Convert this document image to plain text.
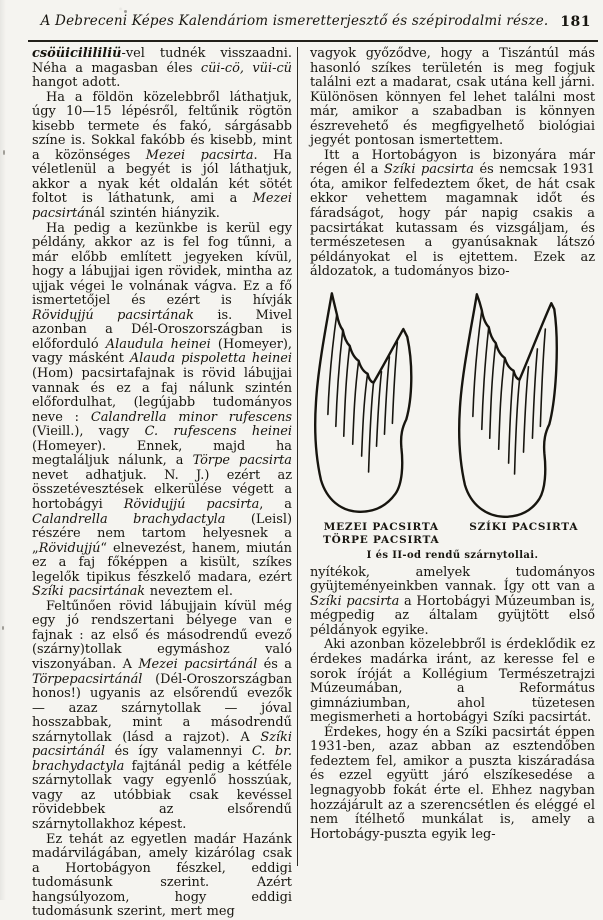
A Debreceni Képes Kalendáriom ismeretterjesztő és szépirodalmi része. 181

csöüicilililiü-vel tudnék visszaadni. Néha a magasban éles cüi-cö, vüi-cü hangot adott.

Ha a földön közelebbről láthatjuk, úgy 10—15 lépésről, feltűnik rögtön kisebb termete és fakó, sárgásabb színe is. Sokkal fakóbb és kisebb, mint a közönséges Mezei pacsirta. Ha véletlenül a begyét is jól láthatjuk, akkor a nyak két oldalán két sötét foltot is láthatunk, ami a Mezei pacsirtánál szintén hiányzik.

Ha pedig a kezünkbe is kerül egy példány, akkor az is fel fog tűnni, a már előbb említett jegyeken kívül, hogy a lábujjai igen rövidek, mintha az ujjak végei le volnának vágva. Ez a fő ismertetőjel és ezért is hívják Rövidujjú pacsirtának is. Mivel azonban a Dél-Oroszországban is előforduló Alaudula heinei (Homeyer), vagy másként Alauda pispoletta heinei (Hom) pacsirtafajnak is rövid lábujjai vannak és ez a faj nálunk szintén előfordulhat, (legújabb tudományos neve : Calandrella minor rufescens (Vieill.), vagy C. rufescens heinei (Homeyer). Ennek, majd ha megtaláljuk nálunk, a Törpe pacsirta nevet adhatjuk. N. J.) ezért az összetévesztések elkerülése végett a hortobágyi Rövidujjú pacsirta, a Calandrella brachydactyla (Leisl) részére nem tartom helyesnek a „Rövidujjú“ elnevezést, hanem, miután ez a faj főképpen a kisült, szíkes legelők tipikus fészkelő madara, ezért Szíki pacsirtának neveztem el.

Feltűnően rövid lábujjain kívül még egy jó rendszertani bélyege van e fajnak : az első és másodrendű evező (szárny)tollak egymáshoz való viszonyában. A Mezei pacsirtánál és a Törpepacsirtánál (Dél-Oroszországban honos!) ugyanis az elsőrendű evezők — azaz szárnytollak — jóval hosszabbak, mint a másodrendű szárnytollak (lásd a rajzot). A Szíki pacsirtánál és így valamennyi C. br. brachydactyla fajtánál pedig a kétféle szárnytollak vagy egyenlő hosszúak, vagy az utóbbiak csak kevéssel rövidebbek az elsőrendű szárnytollakhoz képest.

Ez tehát az egyetlen madár Hazánk madárvilágában, amely kizárólag csak a Hortobágyon fészkel, eddigi tudomásunk szerint. Azért hangsúlyozom, hogy eddigi tudomásunk szerint, mert meg

vagyok győződve, hogy a Tiszántúl más hasonló szíkes területén is meg fogjuk találni ezt a madarat, csak utána kell járni. Különösen könnyen fel lehet találni most már, amikor a szabadban is könnyen észrevehető és megfigyelhető biológiai jegyét pontosan ismertettem.

Itt a Hortobágyon is bizonyára már régen él a Szíki pacsirta és nemcsak 1931 óta, amikor felfedeztem őket, de hát csak ekkor vehettem magamnak időt és fáradságot, hogy pár napig csakis a pacsirtákat kutassam és vizsgáljam, és természetesen a gyanúsaknak látszó példányokat el is ejtettem. Ezek az áldozatok, a tudományos bizo-

MEZEI PACSIRTA
TÖRPE PACSIRTA
SZÍKI PACSIRTA
I és II-od rendű szárnytollai.

nyítékok, amelyek tudományos gyüjteményeinkben vannak. Így ott van a Szíki pacsirta a Hortobágyi Múzeumban is, mégpedig az általam gyüjtött első példányok egyike.

Aki azonban közelebbről is érdeklődik ez érdekes madárka iránt, az keresse fel e sorok íróját a Kollégium Természetrajzi Múzeumában, a Református gimnáziumban, ahol tüzetesen megismerheti a hortobágyi Szíki pacsirtát.

Érdekes, hogy én a Szíki pacsirtát éppen 1931-ben, azaz abban az esztendőben fedeztem fel, amikor a puszta kiszáradása és ezzel együtt járó elszíkesedése a legnagyobb fokát érte el. Ehhez nagyban hozzájárult az a szerencsétlen és eléggé el nem ítélhető munkálat is, amely a Hortobágy-puszta egyik leg-
